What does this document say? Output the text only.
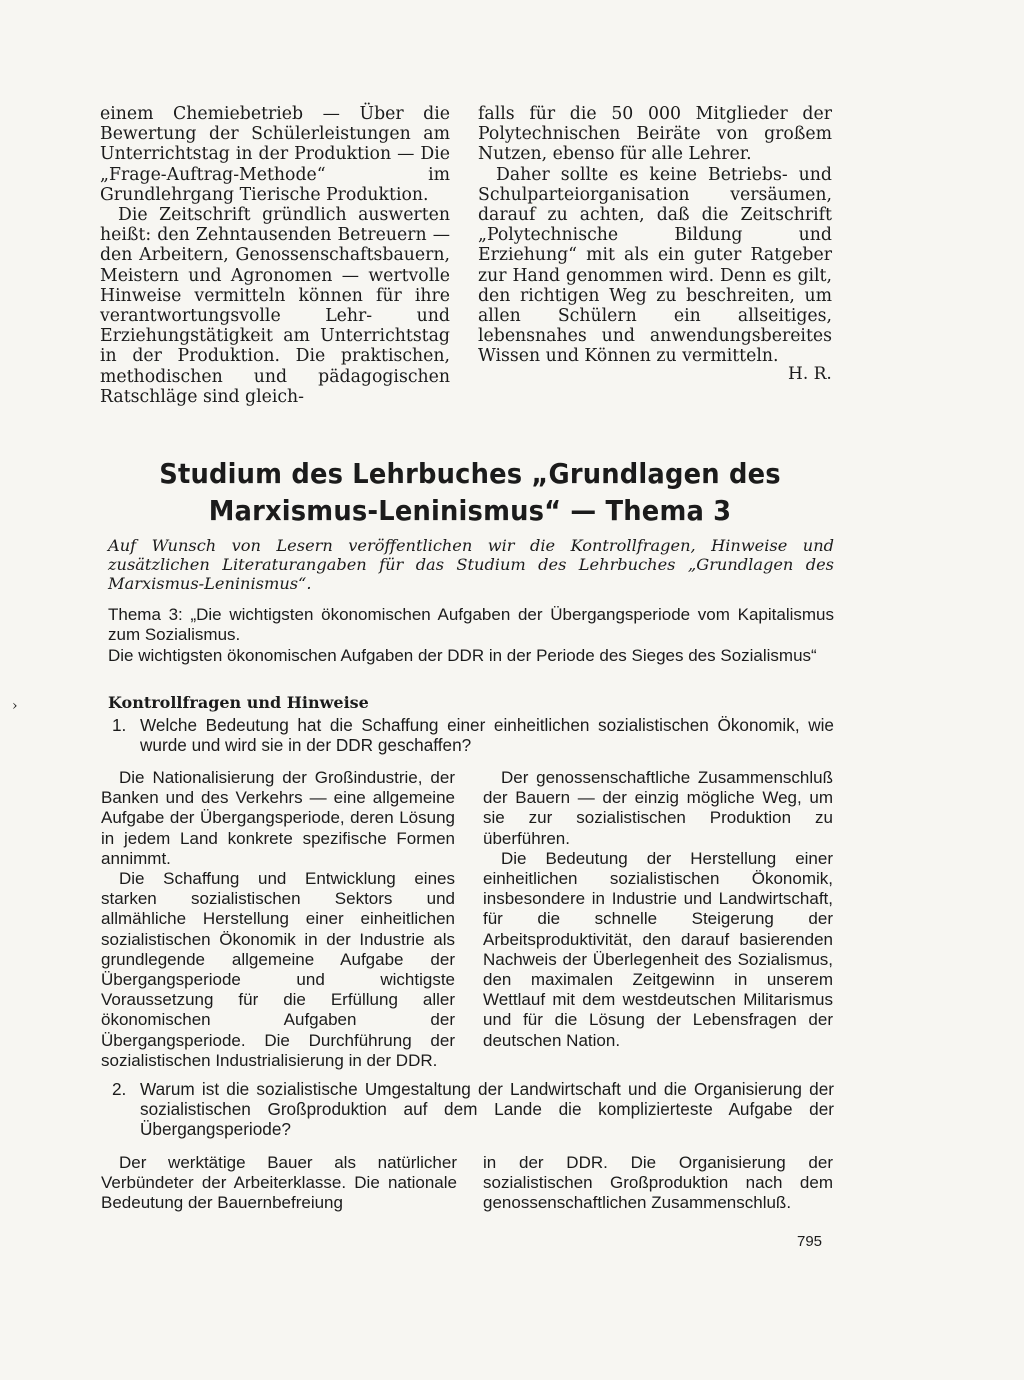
einem Chemiebetrieb — Über die Bewertung der Schülerleistungen am Unterrichtstag in der Produktion — Die „Frage-Auftrag-Methode“ im Grundlehrgang Tierische Produktion.

Die Zeitschrift gründlich auswerten heißt: den Zehntausenden Betreuern — den Arbeitern, Genossenschaftsbauern, Meistern und Agronomen — wertvolle Hinweise vermitteln können für ihre verantwortungsvolle Lehr- und Erziehungstätigkeit am Unterrichtstag in der Produktion. Die praktischen, methodischen und pädagogischen Ratschläge sind gleich-

falls für die 50 000 Mitglieder der Polytechnischen Beiräte von großem Nutzen, ebenso für alle Lehrer.

Daher sollte es keine Betriebs- und Schulparteiorganisation versäumen, darauf zu achten, daß die Zeitschrift „Polytechnische Bildung und Erziehung“ mit als ein guter Ratgeber zur Hand genommen wird. Denn es gilt, den richtigen Weg zu beschreiten, um allen Schülern ein allseitiges, lebensnahes und anwendungsbereites Wissen und Können zu vermitteln.

H. R.
Studium des Lehrbuches „Grundlagen des
Marxismus-Leninismus“ — Thema 3
Auf Wunsch von Lesern veröffentlichen wir die Kontrollfragen, Hinweise und zusätzlichen Literaturangaben für das Studium des Lehrbuches „Grundlagen des Marxismus-Leninismus“.

Thema 3: „Die wichtigsten ökonomischen Aufgaben der Übergangsperiode vom Kapitalismus zum Sozialismus.

Die wichtigsten ökonomischen Aufgaben der DDR in der Periode des Sieges des Sozialismus“

›	Kontrollfragen und Hinweise
1. Welche Bedeutung hat die Schaffung einer einheitlichen sozialistischen Ökonomik, wie wurde und wird sie in der DDR geschaffen?

Die Nationalisierung der Großindustrie, der Banken und des Verkehrs — eine allgemeine Aufgabe der Übergangsperiode, deren Lösung in jedem Land konkrete spezifische Formen annimmt.

Die Schaffung und Entwicklung eines starken sozialistischen Sektors und allmähliche Herstellung einer einheitlichen sozialistischen Ökonomik in der Industrie als grundlegende allgemeine Aufgabe der Übergangsperiode und wichtigste Voraussetzung für die Erfüllung aller ökonomischen Aufgaben der Übergangsperiode. Die Durchführung der sozialistischen Industrialisierung in der DDR.

Der genossenschaftliche Zusammenschluß der Bauern — der einzig mögliche Weg, um sie zur sozialistischen Produktion zu überführen.

Die Bedeutung der Herstellung einer einheitlichen sozialistischen Ökonomik, insbesondere in Industrie und Landwirtschaft, für die schnelle Steigerung der Arbeitsproduktivität, den darauf basierenden Nachweis der Überlegenheit des Sozialismus, den maximalen Zeitgewinn in unserem Wettlauf mit dem westdeutschen Militarismus und für die Lösung der Lebensfragen der deutschen Nation.

2. Warum ist die sozialistische Umgestaltung der Landwirtschaft und die Organisierung der sozialistischen Großproduktion auf dem Lande die komplizierteste Aufgabe der Übergangsperiode?

Der werktätige Bauer als natürlicher Verbündeter der Arbeiterklasse. Die nationale Bedeutung der Bauernbefreiung

in der DDR. Die Organisierung der sozialistischen Großproduktion nach dem genossenschaftlichen Zusammenschluß.

795
